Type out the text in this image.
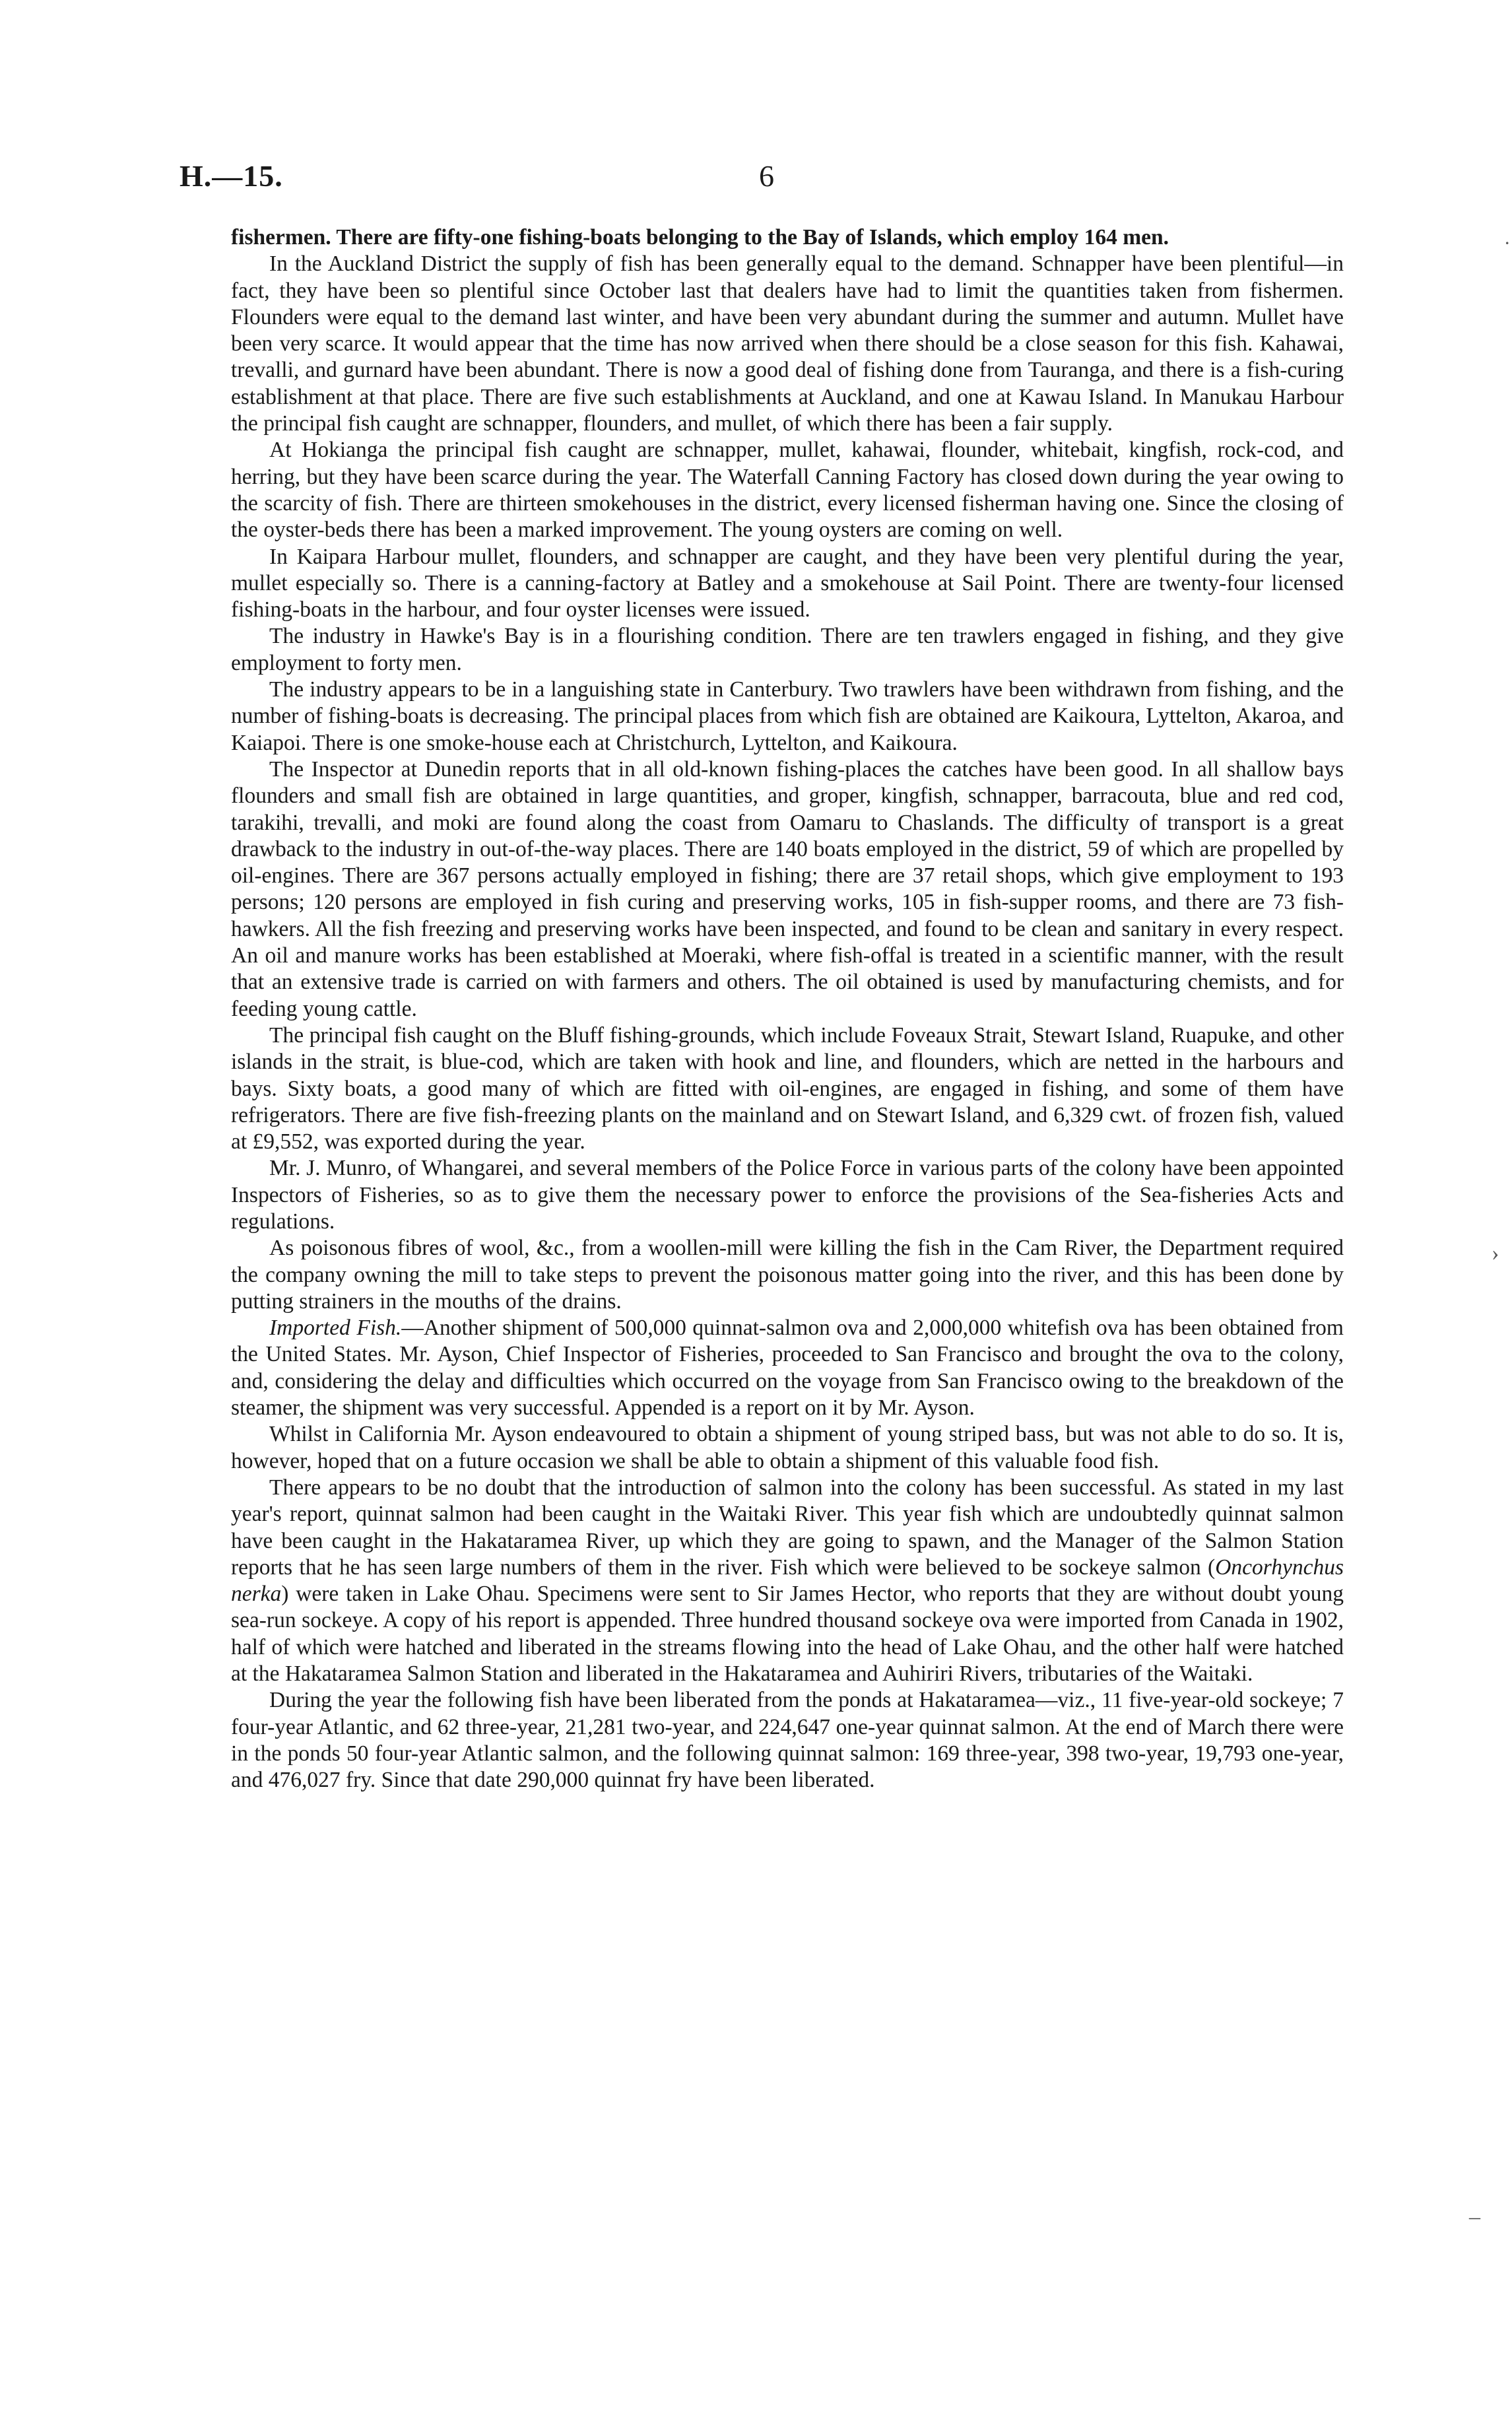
H.—15.	6

fishermen. There are fifty-one fishing-boats belonging to the Bay of Islands, which employ 164 men.

In the Auckland District the supply of fish has been generally equal to the demand. Schnapper have been plentiful—in fact, they have been so plentiful since October last that dealers have had to limit the quantities taken from fishermen. Flounders were equal to the demand last winter, and have been very abundant during the summer and autumn. Mullet have been very scarce. It would appear that the time has now arrived when there should be a close season for this fish. Kahawai, trevalli, and gurnard have been abundant. There is now a good deal of fishing done from Tauranga, and there is a fish-curing establishment at that place. There are five such establishments at Auckland, and one at Kawau Island. In Manukau Harbour the principal fish caught are schnapper, flounders, and mullet, of which there has been a fair supply.

At Hokianga the principal fish caught are schnapper, mullet, kahawai, flounder, whitebait, kingfish, rock-cod, and herring, but they have been scarce during the year. The Waterfall Canning Factory has closed down during the year owing to the scarcity of fish. There are thirteen smokehouses in the district, every licensed fisherman having one. Since the closing of the oyster-beds there has been a marked improvement. The young oysters are coming on well.

In Kaipara Harbour mullet, flounders, and schnapper are caught, and they have been very plentiful during the year, mullet especially so. There is a canning-factory at Batley and a smokehouse at Sail Point. There are twenty-four licensed fishing-boats in the harbour, and four oyster licenses were issued.

The industry in Hawke's Bay is in a flourishing condition. There are ten trawlers engaged in fishing, and they give employment to forty men.

The industry appears to be in a languishing state in Canterbury. Two trawlers have been withdrawn from fishing, and the number of fishing-boats is decreasing. The principal places from which fish are obtained are Kaikoura, Lyttelton, Akaroa, and Kaiapoi. There is one smoke-house each at Christchurch, Lyttelton, and Kaikoura.

The Inspector at Dunedin reports that in all old-known fishing-places the catches have been good. In all shallow bays flounders and small fish are obtained in large quantities, and groper, kingfish, schnapper, barracouta, blue and red cod, tarakihi, trevalli, and moki are found along the coast from Oamaru to Chaslands. The difficulty of transport is a great drawback to the industry in out-of-the-way places. There are 140 boats employed in the district, 59 of which are propelled by oil-engines. There are 367 persons actually employed in fishing; there are 37 retail shops, which give employment to 193 persons; 120 persons are employed in fish curing and preserving works, 105 in fish-supper rooms, and there are 73 fish-hawkers. All the fish freezing and preserving works have been inspected, and found to be clean and sanitary in every respect. An oil and manure works has been established at Moeraki, where fish-offal is treated in a scientific manner, with the result that an extensive trade is carried on with farmers and others. The oil obtained is used by manufacturing chemists, and for feeding young cattle.

The principal fish caught on the Bluff fishing-grounds, which include Foveaux Strait, Stewart Island, Ruapuke, and other islands in the strait, is blue-cod, which are taken with hook and line, and flounders, which are netted in the harbours and bays. Sixty boats, a good many of which are fitted with oil-engines, are engaged in fishing, and some of them have refrigerators. There are five fish-freezing plants on the mainland and on Stewart Island, and 6,329 cwt. of frozen fish, valued at £9,552, was exported during the year.

Mr. J. Munro, of Whangarei, and several members of the Police Force in various parts of the colony have been appointed Inspectors of Fisheries, so as to give them the necessary power to enforce the provisions of the Sea-fisheries Acts and regulations.

As poisonous fibres of wool, &c., from a woollen-mill were killing the fish in the Cam River, the Department required the company owning the mill to take steps to prevent the poisonous matter going into the river, and this has been done by putting strainers in the mouths of the drains.

Imported Fish.—Another shipment of 500,000 quinnat-salmon ova and 2,000,000 whitefish ova has been obtained from the United States. Mr. Ayson, Chief Inspector of Fisheries, proceeded to San Francisco and brought the ova to the colony, and, considering the delay and difficulties which occurred on the voyage from San Francisco owing to the breakdown of the steamer, the shipment was very successful. Appended is a report on it by Mr. Ayson.

Whilst in California Mr. Ayson endeavoured to obtain a shipment of young striped bass, but was not able to do so. It is, however, hoped that on a future occasion we shall be able to obtain a shipment of this valuable food fish.

There appears to be no doubt that the introduction of salmon into the colony has been successful. As stated in my last year's report, quinnat salmon had been caught in the Waitaki River. This year fish which are undoubtedly quinnat salmon have been caught in the Hakataramea River, up which they are going to spawn, and the Manager of the Salmon Station reports that he has seen large numbers of them in the river. Fish which were believed to be sockeye salmon (Oncorhynchus nerka) were taken in Lake Ohau. Specimens were sent to Sir James Hector, who reports that they are without doubt young sea-run sockeye. A copy of his report is appended. Three hundred thousand sockeye ova were imported from Canada in 1902, half of which were hatched and liberated in the streams flowing into the head of Lake Ohau, and the other half were hatched at the Hakataramea Salmon Station and liberated in the Hakataramea and Auhiriri Rivers, tributaries of the Waitaki.

During the year the following fish have been liberated from the ponds at Hakataramea—viz., 11 five-year-old sockeye; 7 four-year Atlantic, and 62 three-year, 21,281 two-year, and 224,647 one-year quinnat salmon. At the end of March there were in the ponds 50 four-year Atlantic salmon, and the following quinnat salmon: 169 three-year, 398 two-year, 19,793 one-year, and 476,027 fry. Since that date 290,000 quinnat fry have been liberated.

˙
›
–
